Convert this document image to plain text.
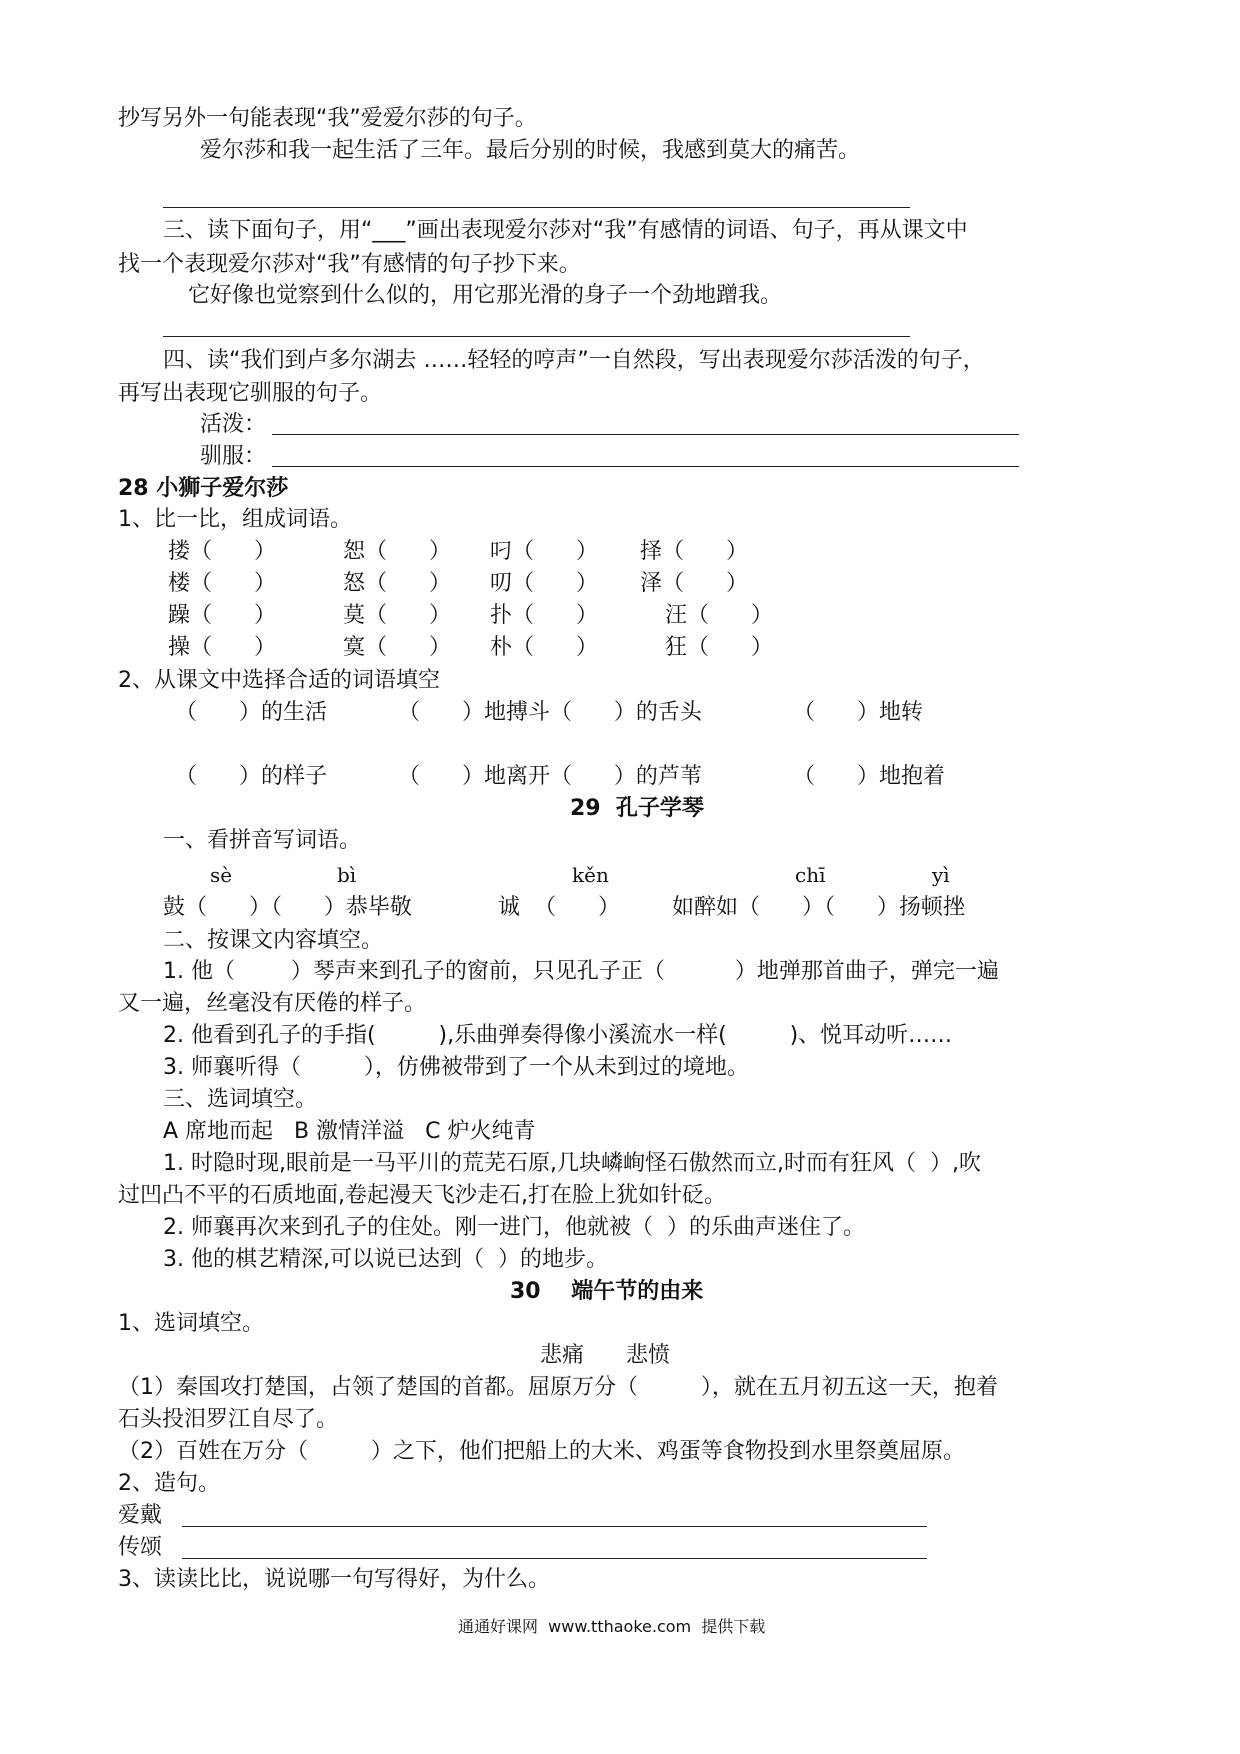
抄写另外一句能表现“我”爱爱尔莎的句子。
爱尔莎和我一起生活了三年。最后分别的时候，我感到莫大的痛苦。
三、读下面句子，用“___”画出表现爱尔莎对“我”有感情的词语、句子，再从课文中
找一个表现爱尔莎对“我”有感情的句子抄下来。
它好像也觉察到什么似的，用它那光滑的身子一个劲地蹭我。
四、读“我们到卢多尔湖去 ……轻轻的哼声”一自然段，写出表现爱尔莎活泼的句子，
再写出表现它驯服的句子。
活泼：
驯服：
28 小狮子爱尔莎
1、比一比，组成词语。
搂（      ）	恕（      ） 叼（      ） 择（      ）
楼（      ）	怒（      ） 叨（      ） 泽（      ）
躁（      ）	莫（      ） 扑（      ）	汪（      ）
操（      ）	寞（      ） 朴（      ）	狂（      ）
2、从课文中选择合适的词语填空
（      ）的生活	（      ）地搏斗（      ）的舌头	（      ）地转
（      ）的样子	（      ）地离开（      ）的芦苇	（      ）地抱着
29  孔子学琴
一、看拼音写词语。
sè	bì	kěn	chī	yì
鼓（      ）（      ）恭毕敬	诚  （      ） 如醉如（      ）（      ）扬顿挫
二、按课文内容填空。
1. 他（        ）琴声来到孔子的窗前，只见孔子正（          ）地弹那首曲子，弹完一遍
又一遍，丝毫没有厌倦的样子。
2. 他看到孔子的手指(         ),乐曲弹奏得像小溪流水一样(         )、悦耳动听……
3. 师襄听得（         ），仿佛被带到了一个从未到过的境地。
三、选词填空。
A 席地而起   B 激情洋溢   C 炉火纯青
1. 时隐时现,眼前是一马平川的荒芜石原,几块嶙峋怪石傲然而立,时而有狂风（  ）,吹
过凹凸不平的石质地面,卷起漫天飞沙走石,打在脸上犹如针砭。
2. 师襄再次来到孔子的住处。刚一进门，他就被（  ）的乐曲声迷住了。
3. 他的棋艺精深,可以说已达到（  ）的地步。
30    端午节的由来
1、选词填空。
悲痛      悲愤
（1）秦国攻打楚国，占领了楚国的首都。屈原万分（         ），就在五月初五这一天，抱着
石头投汨罗江自尽了。
（2）百姓在万分（         ）之下，他们把船上的大米、鸡蛋等食物投到水里祭奠屈原。
2、造句。
爱戴
传颂
3、读读比比，说说哪一句写得好，为什么。
通通好课网  www.tthaoke.com  提供下载
